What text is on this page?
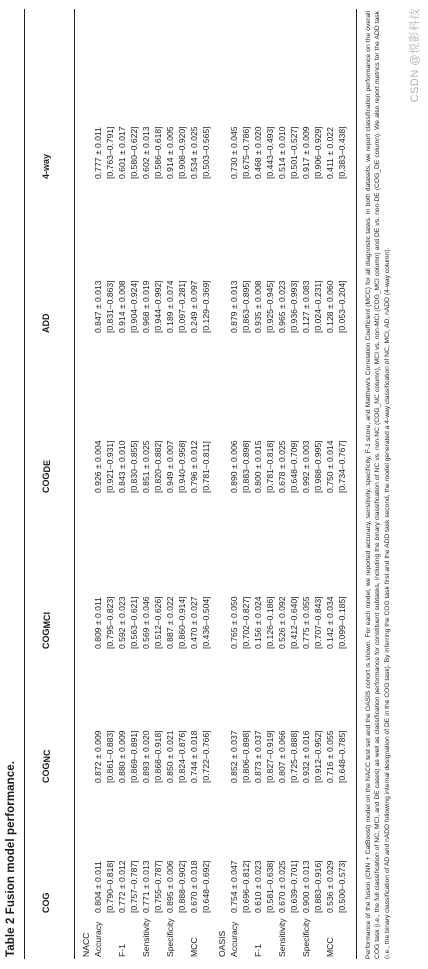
Table 2 Fusion model performance.	COG
COGNC
COGMCI
COGDE
ADD
4-way
NACC Accuracy
0.804 ± 0.011
0.872 ± 0.009
0.809 ± 0.011
0.926 ± 0.004
0.847 ± 0.013
0.777 ± 0.011
[0.790–0.818]
[0.861–0.883]
[0.795–0.823]
[0.921–0.931]
[0.831–0.863]
[0.763–0.791]
F-1
0.772 ± 0.012
0.880 ± 0.009
0.592 ± 0.023
0.843 ± 0.010
0.914 ± 0.008
0.601 ± 0.017
[0.757–0.787]
[0.869–0.891]
[0.563–0.621]
[0.830–0.855]
[0.904–0.924]
[0.580–0.622]
Sensitivity
0.771 ± 0.013
0.893 ± 0.020
0.569 ± 0.046
0.851 ± 0.025
0.968 ± 0.019
0.602 ± 0.013
[0.755–0.787]
[0.868–0.918]
[0.512–0.626]
[0.820–0.882]
[0.944–0.992]
[0.586–0.618]
Specificity
0.895 ± 0.006
0.850 ± 0.021
0.887 ± 0.022
0.949 ± 0.007
0.189 ± 0.074
0.914 ± 0.005
[0.888–0.902]
[0.824–0.876]
[0.860–0.914]
[0.940–0.958]
[0.097–0.281]
[0.908–0.920]
MCC
0.670 ± 0.018
0.744 ± 0.018
0.470 ± 0.027
0.796 ± 0.012
0.249 ± 0.097
0.534 ± 0.025
[0.648–0.692]
[0.722–0.766]
[0.436–0.504]
[0.781–0.811]
[0.129–0.369]
[0.503–0.565]
OASIS Accuracy
0.754 ± 0.047
0.852 ± 0.037
0.765 ± 0.050
0.890 ± 0.006
0.879 ± 0.013
0.730 ± 0.045
[0.696–0.812]
[0.806–0.898]
[0.702–0.827]
[0.883–0.898]
[0.863–0.895]
[0.675–0.786]
F-1
0.610 ± 0.023
0.873 ± 0.037
0.156 ± 0.024
0.800 ± 0.015
0.935 ± 0.008
0.468 ± 0.020
[0.581–0.638]
[0.827–0.919]
[0.126–0.186]
[0.781–0.818]
[0.925–0.945]
[0.443–0.493]
Sensitivity
0.670 ± 0.025
0.807 ± 0.066
0.526 ± 0.092
0.678 ± 0.025
0.965 ± 0.023
0.514 ± 0.010
[0.639–0.701]
[0.725–0.888]
[0.412–0.640]
[0.648–0.709]
[0.936–0.993]
[0.501–0.527]
Specificity
0.900 ± 0.013
0.932 ± 0.016
0.775 ± 0.055
0.992 ± 0.003
0.127 ± 0.083
0.917 ± 0.009
[0.883–0.916]
[0.912–0.952]
[0.707–0.843]
[0.988–0.995]
[0.024–0.231]
[0.906–0.929]
MCC
0.536 ± 0.029
0.716 ± 0.055
0.142 ± 0.034
0.750 ± 0.014
0.128 ± 0.060
0.411 ± 0.022
[0.500–0.573]
[0.648–0.785]
[0.099–0.185]
[0.734–0.767]
[0.053–0.204]
[0.383–0.438]	Performance of the fusion (CNN + CatBoost) model on the NACC test set and the OASIS cohort is shown. For each model, we reported accuracy, sensitivity, specificity, F-1 score, and Matthew's Correlation Coefficient (MCC) for all diagnostic tasks. In both datasets, we report classification performance on the overall COG task (i.e., the full classification of NC, MCI, and DE cases) as well as classification performance for constituent subtasks, including the binary classification of NC vs. non-NC (COG_NC column), MCI vs. non-MCI (COG_MCI column) and DE vs. non-DE (COG_DE column). We also report metrics for the ADD task (i.e., the binary classification of AD and nADD following internal designation of DE in the COG task). By inferring the COG task first and the ADD task second, the model generated a 4-way classification of NC, MCI, AD, nADD (4-way column).
CSDN @悦影科技
